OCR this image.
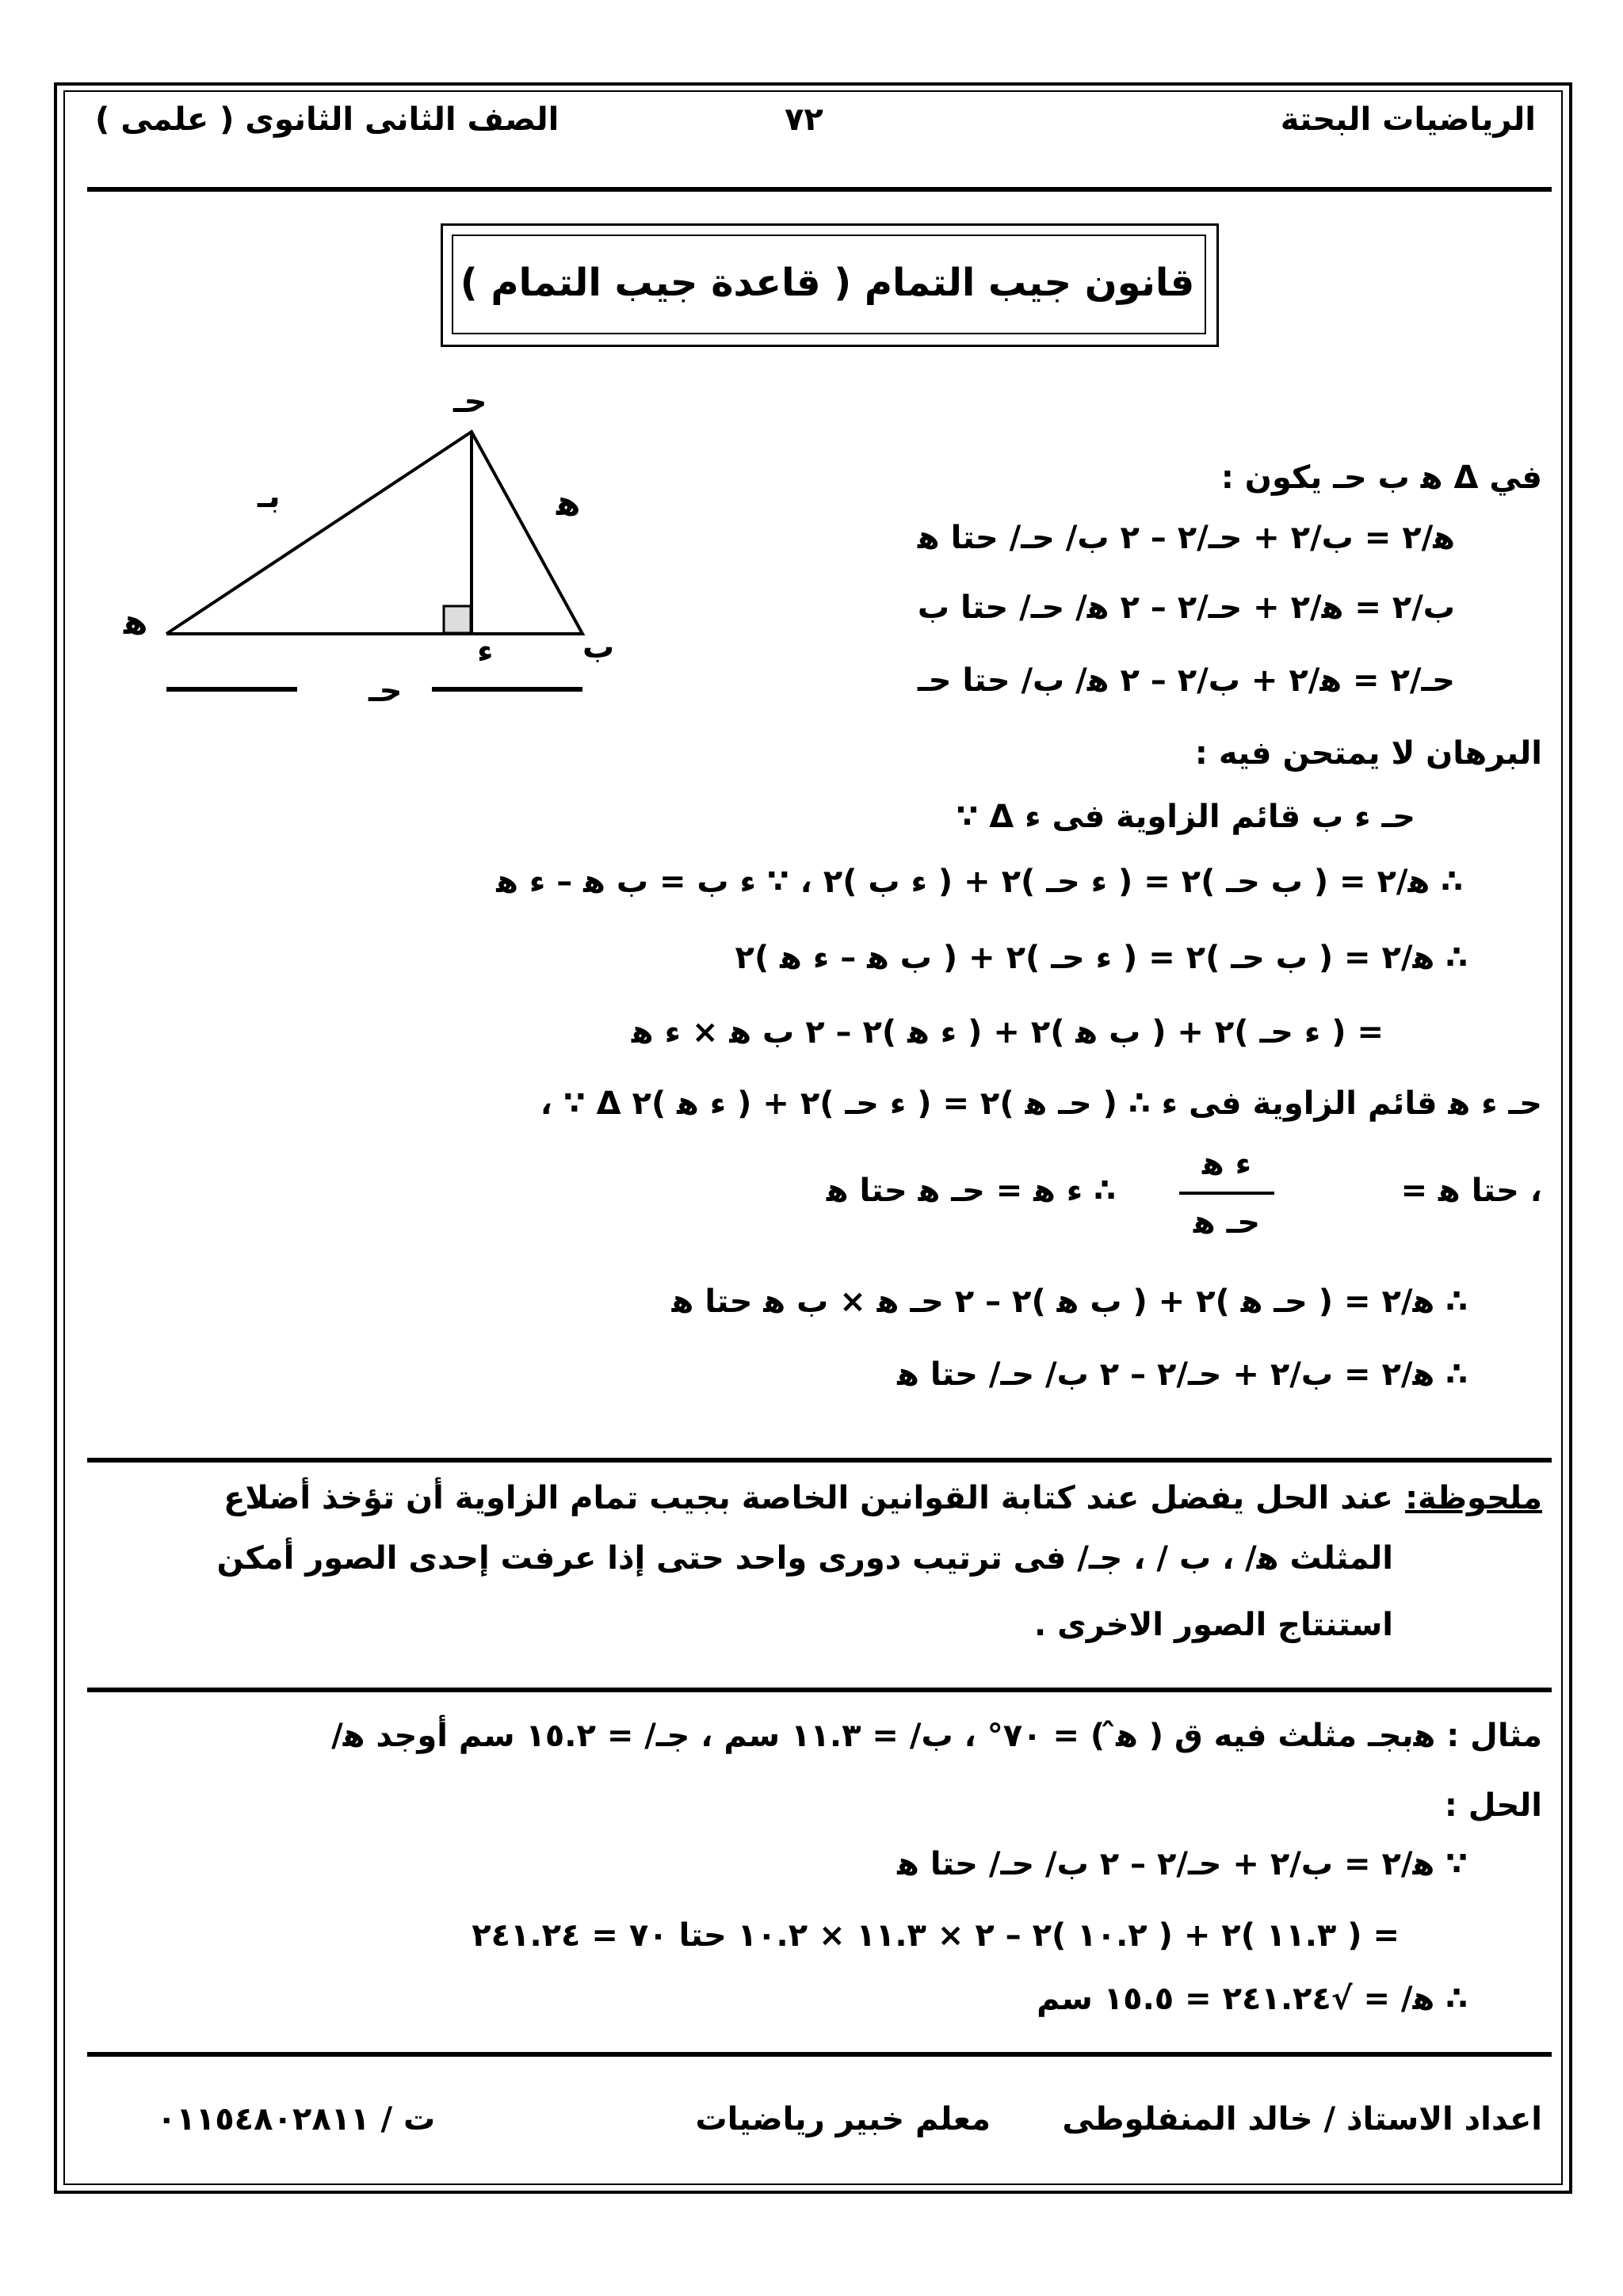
الرياضيات البحتة
٧٢
الصف الثانى الثانوى ( علمى )
قانون جيب التمام ( قاعدة جيب التمام )
ﻫ
حـ
ب
ء
بـ	ﻫ
حـ
في Δ ﻫ ب حـ يكون :
ﻫ/٢ = ب/٢ + حـ/٢ – ٢ ب/ حـ/ حتا ﻫ
ب/٢ = ﻫ/٢ + حـ/٢ – ٢ ﻫ/ حـ/ حتا ب
حـ/٢ = ﻫ/٢ + ب/٢ – ٢ ﻫ/ ب/ حتا حـ
البرهان لا يمتحن فيه :
∵ Δ حـ ء ب قائم الزاوية فى ء
∴ ﻫ/٢ = ( ب حـ )٢ = ( ء حـ )٢ + ( ء ب )٢ ، ∵ ء ب = ب ﻫ – ء ﻫ
∴ ﻫ/٢ = ( ب حـ )٢ = ( ء حـ )٢ + ( ب ﻫ – ء ﻫ )٢
= ( ء حـ )٢ + ( ب ﻫ )٢ + ( ء ﻫ )٢ – ٢ ب ﻫ × ء ﻫ
، ∵ Δ حـ ء ﻫ قائم الزاوية فى ء ∴ ( حـ ﻫ )٢ = ( ء حـ )٢ + ( ء ﻫ )٢
، حتا ﻫ =
ء ﻫ
حـ ﻫ
∴ ء ﻫ = حـ ﻫ حتا ﻫ
∴ ﻫ/٢ = ( حـ ﻫ )٢ + ( ب ﻫ )٢ – ٢ حـ ﻫ × ب ﻫ حتا ﻫ
∴ ﻫ/٢ = ب/٢ + حـ/٢ – ٢ ب/ حـ/ حتا ﻫ
ملحوظة:
عند الحل يفضل عند كتابة القوانين الخاصة بجيب تمام الزاوية أن تؤخذ أضلاع
المثلث ﻫ/ ، ب / ، جـ/ فى ترتيب دورى واحد حتى إذا عرفت إحدى الصور أمكن
استنتاج الصور الاخرى .
مثال : ﻫبجـ مثلث فيه ق ( ﻫ̂ ) = ٧٠° ، ب/ = ١١.٣ سم ، جـ/ = ١٥.٢ سم أوجد ﻫ/
الحل :
∵ ﻫ/٢ = ب/٢ + حـ/٢ – ٢ ب/ حـ/ حتا ﻫ
= ( ١١.٣ )٢ + ( ١٠.٢ )٢ – ٢ × ١١.٣ × ١٠.٢ حتا ٧٠ = ٢٤١.٢٤
∴ ﻫ/ = √٢٤١.٢٤ = ١٥.٥ سم
اعداد الاستاذ / خالد المنفلوطى
معلم خبير رياضيات
ت / ٠١١٥٤٨٠٢٨١١
